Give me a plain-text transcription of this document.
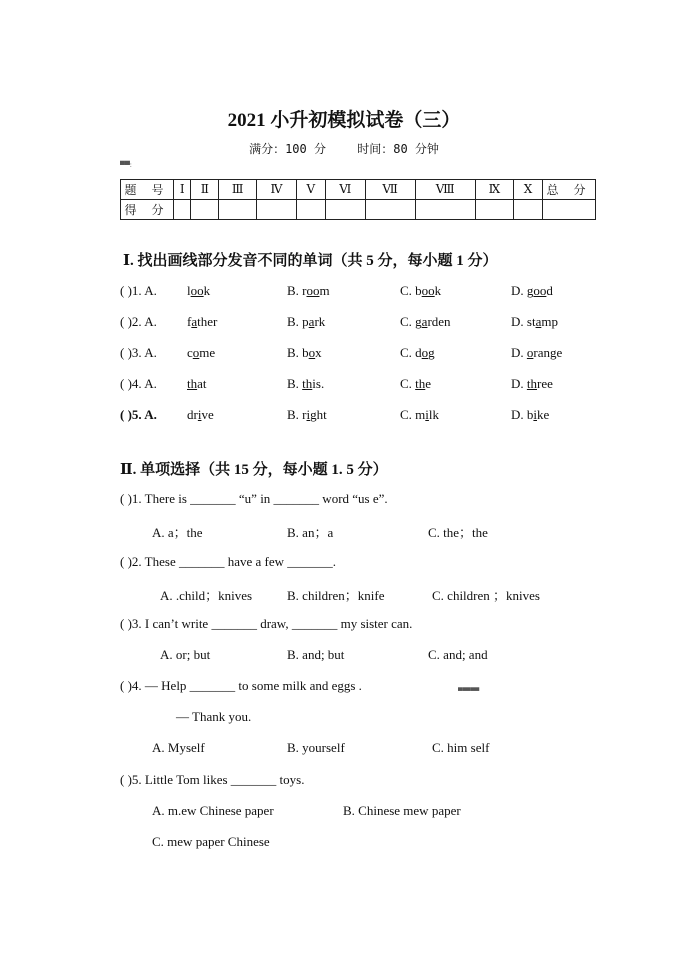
2021 小升初模拟试卷（三）
满分：100 分	时间：80 分钟
▀▀:
题 号	Ⅰ	Ⅱ	Ⅲ	Ⅳ	Ⅴ	Ⅵ	Ⅶ	Ⅷ	Ⅸ	Ⅹ	总 分
得 分											
Ⅰ. 找出画线部分发音不同的单词（共 5 分，每小题 1 分）
( )1. A. look	B. room	C. book	D. good
( )2. A. father	B. park	C. garden	D. stamp
( )3. A. come	B. box	C. dog	D. orange
( )4. A. that	B. this.	C. the	D. three
( )5. A. drive	B. right	C. milk	D. bike
Ⅱ. 单项选择（共 15 分，每小题 1. 5 分）
( )1. There is _______ “u” in _______ word “us e”.
A. a；the	B. an；a	C. the；the
( )2. These _______ have a few _______.
A. .child；knives	B. children；knife	C. children ；knives
( )3. I can’t write _______ draw, _______ my sister can.
A. or; but	B. and; but	C. and; and
( )4. — Help _______ to some milk and eggs .	▄▄▄▄▄
— Thank you.
A. Myself	B. yourself	C. him self
( )5. Little Tom likes _______ toys.
A. m.ew Chinese paper	B. Chinese mew paper
C. mew paper Chinese
